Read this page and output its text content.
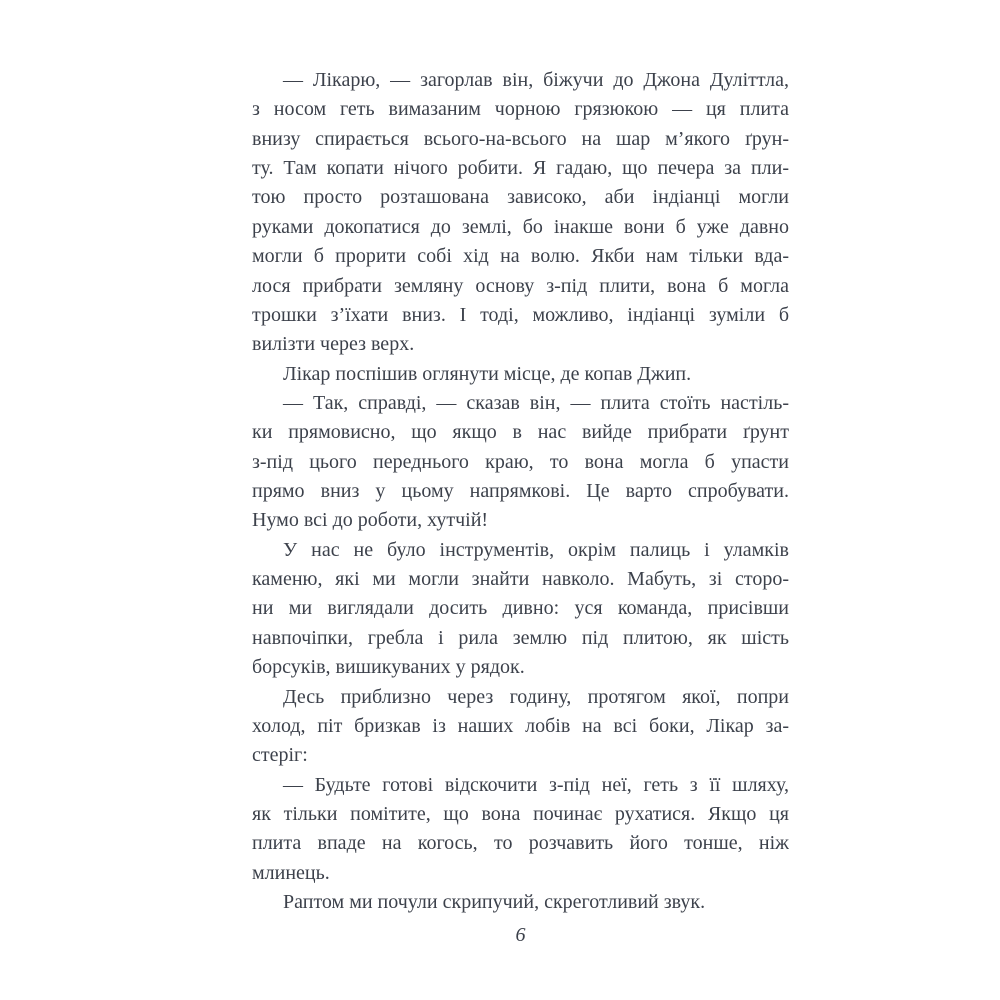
— Лікарю, — загорлав він, біжучи до Джона Дуліттла,
з носом геть вимазаним чорною грязюкою — ця плита
внизу спирається всього-на-всього на шар м’якого ґрун-
ту. Там копати нічого робити. Я гадаю, що печера за пли-
тою просто розташована зависоко, аби індіанці могли
руками докопатися до землі, бо інакше вони б уже давно
могли б прорити собі хід на волю. Якби нам тільки вда-
лося прибрати земляну основу з-під плити, вона б могла
трошки з’їхати вниз. І тоді, можливо, індіанці зуміли б
вилізти через верх.

Лікар поспішив оглянути місце, де копав Джип.

— Так, справді, — сказав він, — плита стоїть настіль-
ки прямовисно, що якщо в нас вийде прибрати ґрунт
з-під цього переднього краю, то вона могла б упасти
прямо вниз у цьому напрямкові. Це варто спробувати.
Нумо всі до роботи, хутчій!

У нас не було інструментів, окрім палиць і уламків
каменю, які ми могли знайти навколо. Мабуть, зі сторо-
ни ми виглядали досить дивно: уся команда, присівши
навпочіпки, гребла і рила землю під плитою, як шість
борсуків, вишикуваних у рядок.

Десь приблизно через годину, протягом якої, попри
холод, піт бризкав із наших лобів на всі боки, Лікар за-
стеріг:

— Будьте готові відскочити з-під неї, геть з її шляху,
як тільки помітите, що вона починає рухатися. Якщо ця
плита впаде на когось, то розчавить його тонше, ніж
млинець.

Раптом ми почули скрипучий, скреготливий звук.

6
